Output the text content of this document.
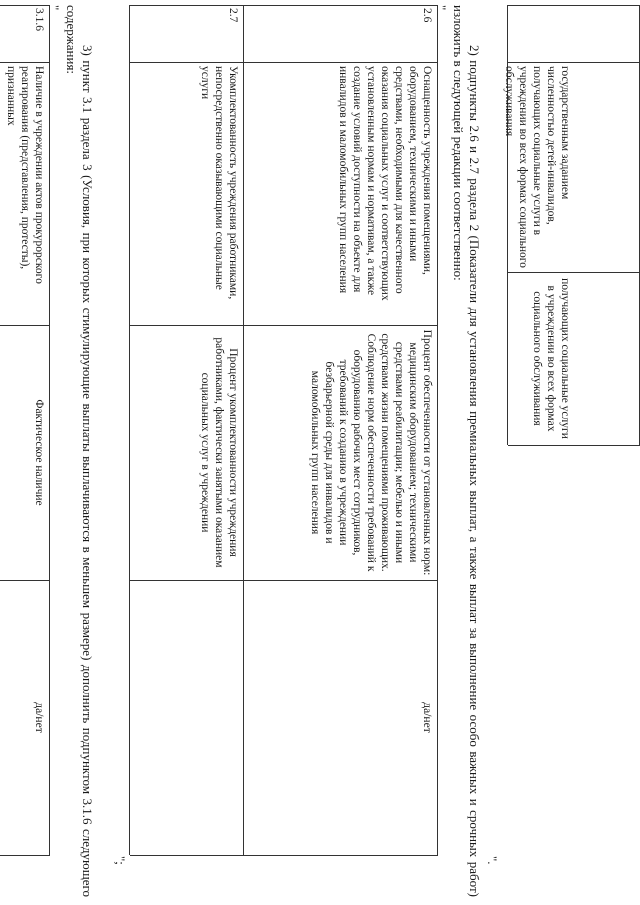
государственным заданием численностью детей-инвалидов, получающих социальные услуги в учреждении во всех формах социального обслуживания
получающих социальные услуги в учреждении во всех формах социального обслуживания
".
2) подпункты 2.6 и 2.7 раздела 2 (Показатели для установления премиальных выплат, а также выплат за выполнение особо важных и срочных работ) изложить в следующей редакции соответственно:
"
2.6
Оснащенность учреждения помещениями, оборудованием, техническими и иными средствами, необходимыми для качественного оказания социальных услуг и соответствующих установленным нормам и нормативам, а также создание условий доступности на объекте для инвалидов и маломобильных групп населения
Процент обеспеченности от установленных норм: медицинским оборудованием; техническими средствами реабилитации; мебелью и иными средствами жизни помещениями проживающих. Соблюдение норм обеспеченности требований к оборудованию рабочих мест сотрудников, требований к созданию в учреждении безбарьерной среды для инвалидов и маломобильных групп населения
да/нет
2.7
Укомплектованность учреждения работниками, непосредственно оказывающими социальные услуги
Процент укомплектованности учреждения работниками, фактически занятыми оказанием социальных услуг в учреждении
";
3) пункт 3.1 раздела 3 (Условия, при которых стимулирующие выплаты выплачиваются в меньшем размере) дополнить подпунктом 3.1.6 следующего содержания:
"
3.1.6
Наличие в учреждении актов прокурорского реагирования (представления, протесты), признанных
Фактическое наличие
да/нет
